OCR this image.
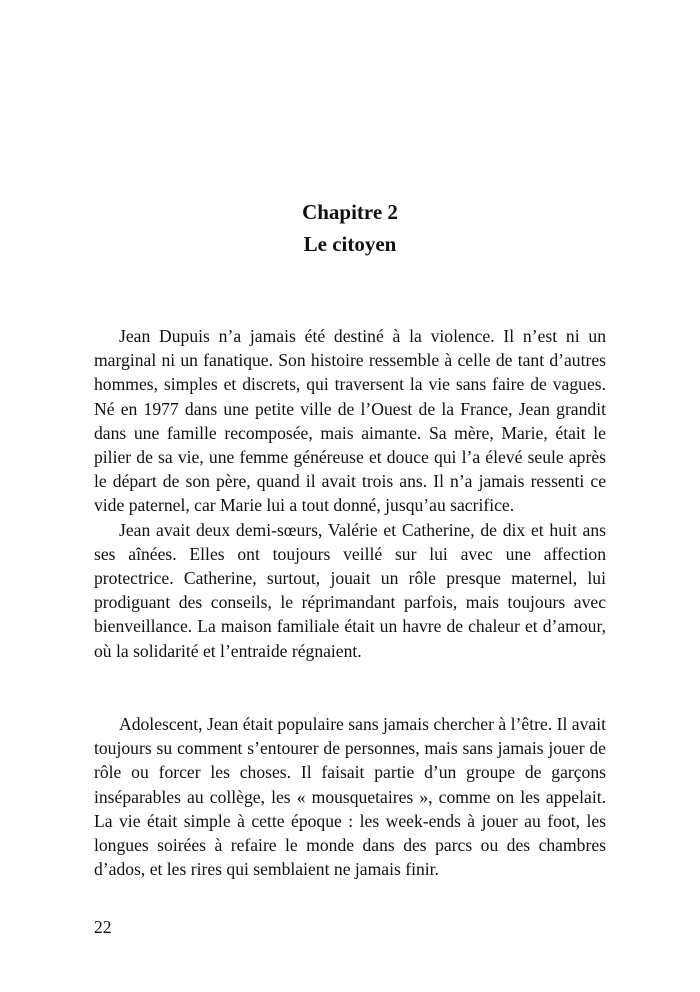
Chapitre 2
Le citoyen

Jean Dupuis n’a jamais été destiné à la violence. Il n’est ni un marginal ni un fanatique. Son histoire ressemble à celle de tant d’autres hommes, simples et discrets, qui traversent la vie sans faire de vagues. Né en 1977 dans une petite ville de l’Ouest de la France, Jean grandit dans une famille recomposée, mais aimante. Sa mère, Marie, était le pilier de sa vie, une femme généreuse et douce qui l’a élevé seule après le départ de son père, quand il avait trois ans. Il n’a jamais ressenti ce vide paternel, car Marie lui a tout donné, jusqu’au sacrifice.

Jean avait deux demi-sœurs, Valérie et Catherine, de dix et huit ans ses aînées. Elles ont toujours veillé sur lui avec une affection protectrice. Catherine, surtout, jouait un rôle presque maternel, lui prodiguant des conseils, le réprimandant parfois, mais toujours avec bienveillance. La maison familiale était un havre de chaleur et d’amour, où la solidarité et l’entraide régnaient.

Adolescent, Jean était populaire sans jamais chercher à l’être. Il avait toujours su comment s’entourer de personnes, mais sans jamais jouer de rôle ou forcer les choses. Il faisait partie d’un groupe de garçons inséparables au collège, les « mousquetaires », comme on les appelait. La vie était simple à cette époque : les week-ends à jouer au foot, les longues soirées à refaire le monde dans des parcs ou des chambres d’ados, et les rires qui semblaient ne jamais finir.

22
